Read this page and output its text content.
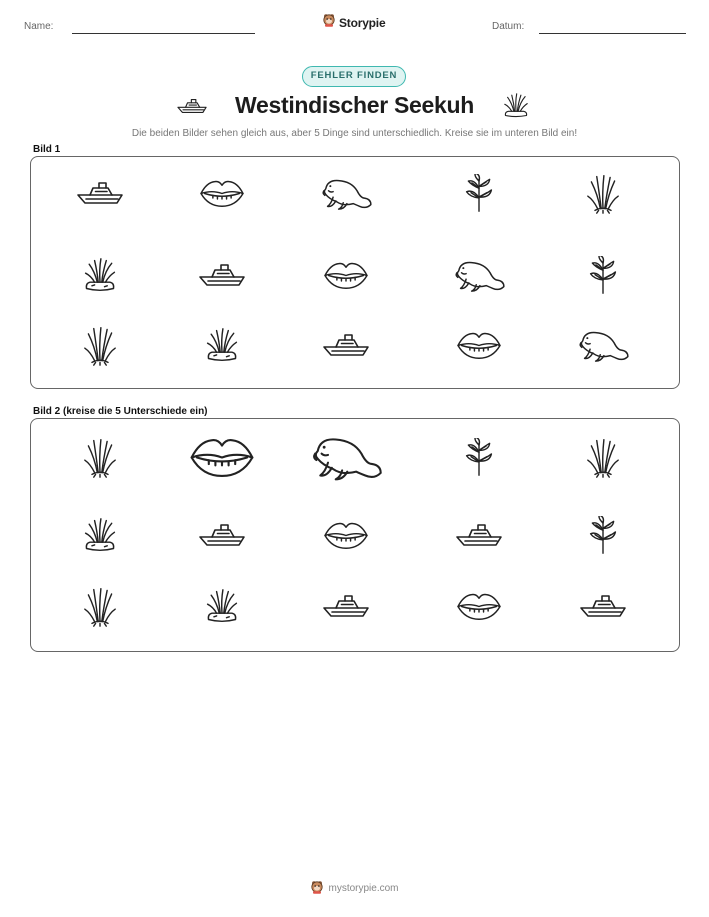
Name:	Storypie	Datum:
FEHLER FINDEN
Westindischer Seekuh
Die beiden Bilder sehen gleich aus, aber 5 Dinge sind unterschiedlich. Kreise sie im unteren Bild ein!
Bild 1
Bild 2 (kreise die 5 Unterschiede ein)
mystorypie.com
